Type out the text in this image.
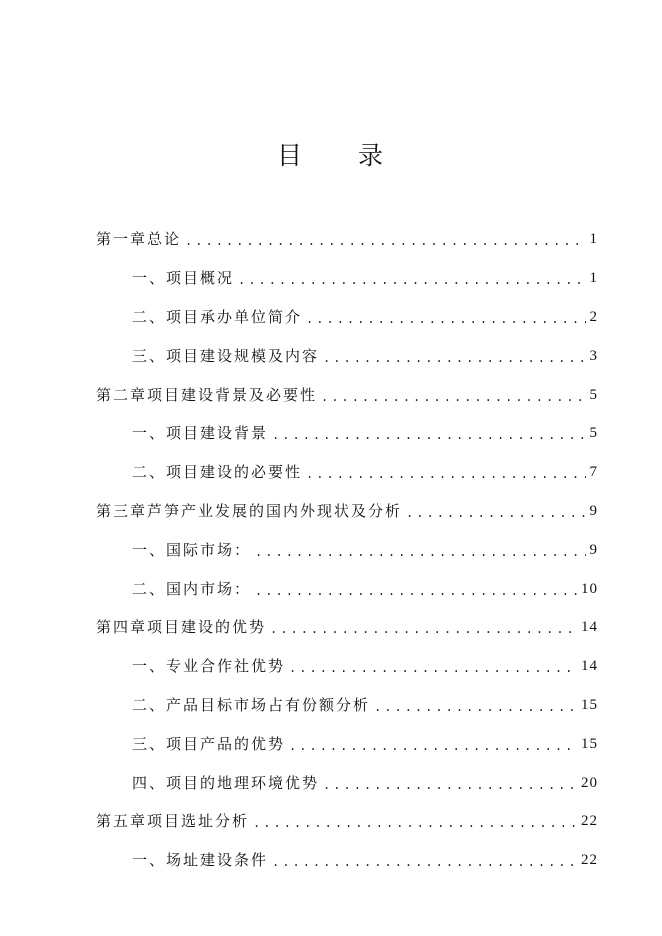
目 录
第一章 总论 .....	1
一、项目概况 .....	1
二、项目承办单位简介 .....	2
三、项目建设规模及内容 .....	3
第二章 项目建设背景及必要性 .....	5
一、项目建设背景 .....	5
二、项目建设的必要性 .....	7
第三章 芦笋产业发展的国内外现状及分析 .....	9
一、国际市场： .....	9
二、国内市场： .....	10
第四章 项目建设的优势 .....	14
一、专业合作社优势 .....	14
二、产品目标市场占有份额分析 .....	15
三、项目产品的优势 .....	15
四、项目的地理环境优势 .....	20
第五章 项目选址分析 .....	22
一、场址建设条件 .....	22
